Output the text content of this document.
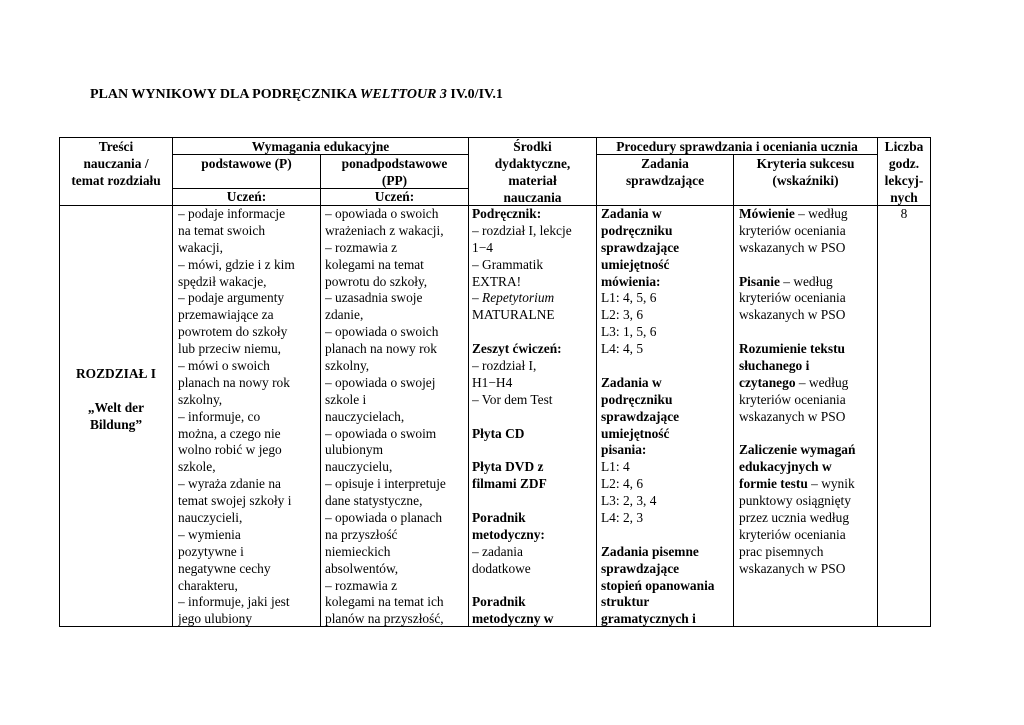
PLAN WYNIKOWY DLA PODRĘCZNIKA WELTTOUR 3 IV.0/IV.1
Treści
nauczania /
temat rozdziału
Wymagania edukacyjne
podstawowe (P)	ponadpodstawowe
(PP)
Uczeń:	Uczeń:
Środki
dydaktyczne,
materiał
nauczania
Procedury sprawdzania i oceniania ucznia
Zadania
sprawdzające
Kryteria sukcesu
(wskaźniki)
Liczba
godz.
lekcyj-
nych
ROZDZIAŁ I
„Welt der
Bildung”
– podaje informacje
na temat swoich
wakacji,
– mówi, gdzie i z kim
spędził wakacje,
– podaje argumenty
przemawiające za
powrotem do szkoły
lub przeciw niemu,
– mówi o swoich
planach na nowy rok
szkolny,
– informuje, co
można, a czego nie
wolno robić w jego
szkole,
– wyraża zdanie na
temat swojej szkoły i
nauczycieli,
– wymienia
pozytywne i
negatywne cechy
charakteru,
– informuje, jaki jest
jego ulubiony
– opowiada o swoich
wrażeniach z wakacji,
– rozmawia z
kolegami na temat
powrotu do szkoły,
– uzasadnia swoje
zdanie,
– opowiada o swoich
planach na nowy rok
szkolny,
– opowiada o swojej
szkole i
nauczycielach,
– opowiada o swoim
ulubionym
nauczycielu,
– opisuje i interpretuje
dane statystyczne,
– opowiada o planach
na przyszłość
niemieckich
absolwentów,
– rozmawia z
kolegami na temat ich
planów na przyszłość,
Podręcznik:
– rozdział I, lekcje
1−4
– Grammatik
EXTRA!
– Repetytorium
MATURALNE
Zeszyt ćwiczeń:
– rozdział I,
H1−H4
– Vor dem Test
Płyta CD
Płyta DVD z
filmami ZDF
Poradnik
metodyczny:
– zadania
dodatkowe
Poradnik
metodyczny w
Zadania w
podręczniku
sprawdzające
umiejętność
mówienia:
L1: 4, 5, 6
L2: 3, 6
L3: 1, 5, 6
L4: 4, 5
Zadania w
podręczniku
sprawdzające
umiejętność
pisania:
L1: 4
L2: 4, 6
L3: 2, 3, 4
L4: 2, 3
Zadania pisemne
sprawdzające
stopień opanowania
struktur
gramatycznych i
Mówienie – według
kryteriów oceniania
wskazanych w PSO
Pisanie – według
kryteriów oceniania
wskazanych w PSO
Rozumienie tekstu
słuchanego i
czytanego – według
kryteriów oceniania
wskazanych w PSO
Zaliczenie wymagań
edukacyjnych w
formie testu – wynik
punktowy osiągnięty
przez ucznia według
kryteriów oceniania
prac pisemnych
wskazanych w PSO
8
